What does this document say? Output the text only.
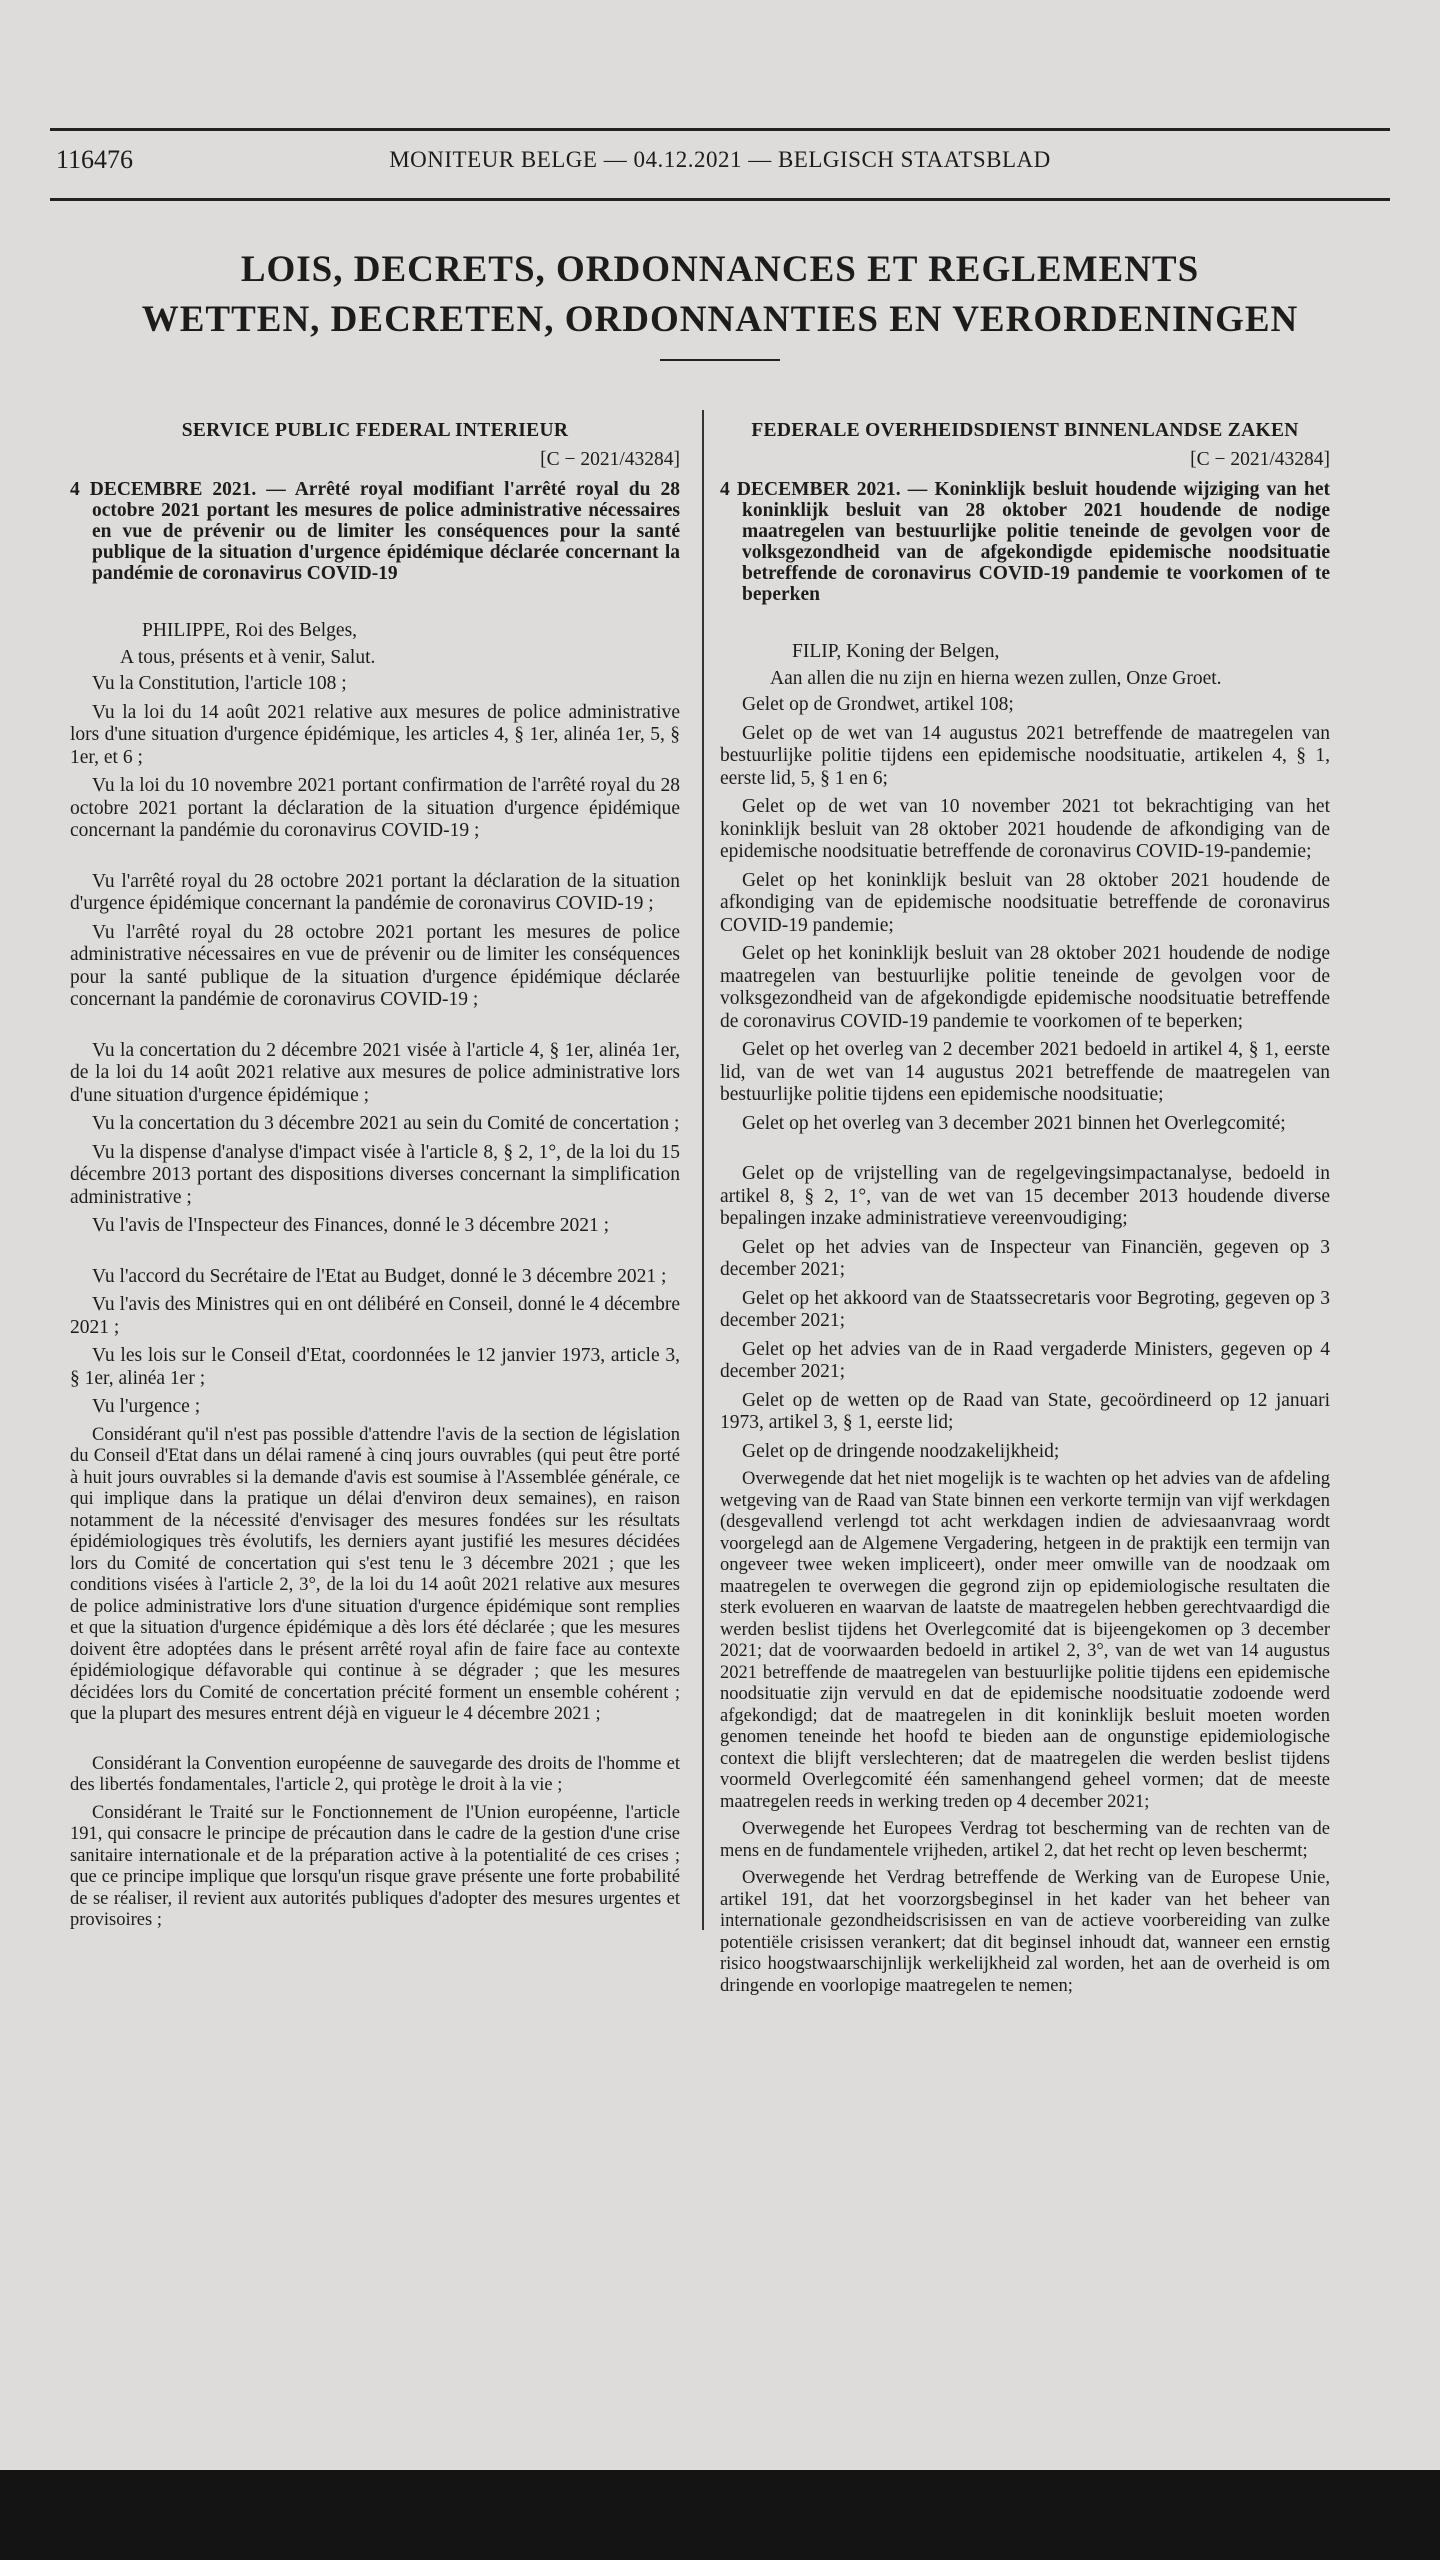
116476	MONITEUR BELGE — 04.12.2021 — BELGISCH STAATSBLAD
LOIS, DECRETS, ORDONNANCES ET REGLEMENTS
WETTEN, DECRETEN, ORDONNANTIES EN VERORDENINGEN
SERVICE PUBLIC FEDERAL INTERIEUR
[C − 2021/43284]
4 DECEMBRE 2021. — Arrêté royal modifiant l'arrêté royal du 28 octobre 2021 portant les mesures de police administrative nécessaires en vue de prévenir ou de limiter les conséquences pour la santé publique de la situation d'urgence épidémique déclarée concernant la pandémie de coronavirus COVID-19
PHILIPPE, Roi des Belges,
A tous, présents et à venir, Salut.
Vu la Constitution, l'article 108 ;
Vu la loi du 14 août 2021 relative aux mesures de police administrative lors d'une situation d'urgence épidémique, les articles 4, § 1er, alinéa 1er, 5, § 1er, et 6 ;
Vu la loi du 10 novembre 2021 portant confirmation de l'arrêté royal du 28 octobre 2021 portant la déclaration de la situation d'urgence épidémique concernant la pandémie du coronavirus COVID-19 ;
Vu l'arrêté royal du 28 octobre 2021 portant la déclaration de la situation d'urgence épidémique concernant la pandémie de coronavirus COVID-19 ;
Vu l'arrêté royal du 28 octobre 2021 portant les mesures de police administrative nécessaires en vue de prévenir ou de limiter les conséquences pour la santé publique de la situation d'urgence épidémique déclarée concernant la pandémie de coronavirus COVID-19 ;
Vu la concertation du 2 décembre 2021 visée à l'article 4, § 1er, alinéa 1er, de la loi du 14 août 2021 relative aux mesures de police administrative lors d'une situation d'urgence épidémique ;
Vu la concertation du 3 décembre 2021 au sein du Comité de concertation ;
Vu la dispense d'analyse d'impact visée à l'article 8, § 2, 1°, de la loi du 15 décembre 2013 portant des dispositions diverses concernant la simplification administrative ;
Vu l'avis de l'Inspecteur des Finances, donné le 3 décembre 2021 ;
Vu l'accord du Secrétaire de l'Etat au Budget, donné le 3 décembre 2021 ;
Vu l'avis des Ministres qui en ont délibéré en Conseil, donné le 4 décembre 2021 ;
Vu les lois sur le Conseil d'Etat, coordonnées le 12 janvier 1973, article 3, § 1er, alinéa 1er ;
Vu l'urgence ;
Considérant qu'il n'est pas possible d'attendre l'avis de la section de législation du Conseil d'Etat dans un délai ramené à cinq jours ouvrables (qui peut être porté à huit jours ouvrables si la demande d'avis est soumise à l'Assemblée générale, ce qui implique dans la pratique un délai d'environ deux semaines), en raison notamment de la nécessité d'envisager des mesures fondées sur les résultats épidémiologiques très évolutifs, les derniers ayant justifié les mesures décidées lors du Comité de concertation qui s'est tenu le 3 décembre 2021 ; que les conditions visées à l'article 2, 3°, de la loi du 14 août 2021 relative aux mesures de police administrative lors d'une situation d'urgence épidémique sont remplies et que la situation d'urgence épidémique a dès lors été déclarée ; que les mesures doivent être adoptées dans le présent arrêté royal afin de faire face au contexte épidémiologique défavorable qui continue à se dégrader ; que les mesures décidées lors du Comité de concertation précité forment un ensemble cohérent ; que la plupart des mesures entrent déjà en vigueur le 4 décembre 2021 ;
Considérant la Convention européenne de sauvegarde des droits de l'homme et des libertés fondamentales, l'article 2, qui protège le droit à la vie ;
Considérant le Traité sur le Fonctionnement de l'Union européenne, l'article 191, qui consacre le principe de précaution dans le cadre de la gestion d'une crise sanitaire internationale et de la préparation active à la potentialité de ces crises ; que ce principe implique que lorsqu'un risque grave présente une forte probabilité de se réaliser, il revient aux autorités publiques d'adopter des mesures urgentes et provisoires ;
FEDERALE OVERHEIDSDIENST BINNENLANDSE ZAKEN
[C − 2021/43284]
4 DECEMBER 2021. — Koninklijk besluit houdende wijziging van het koninklijk besluit van 28 oktober 2021 houdende de nodige maatregelen van bestuurlijke politie teneinde de gevolgen voor de volksgezondheid van de afgekondigde epidemische noodsituatie betreffende de coronavirus COVID-19 pandemie te voorkomen of te beperken
FILIP, Koning der Belgen,
Aan allen die nu zijn en hierna wezen zullen, Onze Groet.
Gelet op de Grondwet, artikel 108;
Gelet op de wet van 14 augustus 2021 betreffende de maatregelen van bestuurlijke politie tijdens een epidemische noodsituatie, artikelen 4, § 1, eerste lid, 5, § 1 en 6;
Gelet op de wet van 10 november 2021 tot bekrachtiging van het koninklijk besluit van 28 oktober 2021 houdende de afkondiging van de epidemische noodsituatie betreffende de coronavirus COVID-19-pandemie;
Gelet op het koninklijk besluit van 28 oktober 2021 houdende de afkondiging van de epidemische noodsituatie betreffende de coronavirus COVID-19 pandemie;
Gelet op het koninklijk besluit van 28 oktober 2021 houdende de nodige maatregelen van bestuurlijke politie teneinde de gevolgen voor de volksgezondheid van de afgekondigde epidemische noodsituatie betreffende de coronavirus COVID-19 pandemie te voorkomen of te beperken;
Gelet op het overleg van 2 december 2021 bedoeld in artikel 4, § 1, eerste lid, van de wet van 14 augustus 2021 betreffende de maatregelen van bestuurlijke politie tijdens een epidemische noodsituatie;
Gelet op het overleg van 3 december 2021 binnen het Overlegcomité;
Gelet op de vrijstelling van de regelgevingsimpactanalyse, bedoeld in artikel 8, § 2, 1°, van de wet van 15 december 2013 houdende diverse bepalingen inzake administratieve vereenvoudiging;
Gelet op het advies van de Inspecteur van Financiën, gegeven op 3 december 2021;
Gelet op het akkoord van de Staatssecretaris voor Begroting, gegeven op 3 december 2021;
Gelet op het advies van de in Raad vergaderde Ministers, gegeven op 4 december 2021;
Gelet op de wetten op de Raad van State, gecoördineerd op 12 januari 1973, artikel 3, § 1, eerste lid;
Gelet op de dringende noodzakelijkheid;
Overwegende dat het niet mogelijk is te wachten op het advies van de afdeling wetgeving van de Raad van State binnen een verkorte termijn van vijf werkdagen (desgevallend verlengd tot acht werkdagen indien de adviesaanvraag wordt voorgelegd aan de Algemene Vergadering, hetgeen in de praktijk een termijn van ongeveer twee weken impliceert), onder meer omwille van de noodzaak om maatregelen te overwegen die gegrond zijn op epidemiologische resultaten die sterk evolueren en waarvan de laatste de maatregelen hebben gerechtvaardigd die werden beslist tijdens het Overlegcomité dat is bijeengekomen op 3 december 2021; dat de voorwaarden bedoeld in artikel 2, 3°, van de wet van 14 augustus 2021 betreffende de maatregelen van bestuurlijke politie tijdens een epidemische noodsituatie zijn vervuld en dat de epidemische noodsituatie zodoende werd afgekondigd; dat de maatregelen in dit koninklijk besluit moeten worden genomen teneinde het hoofd te bieden aan de ongunstige epidemiologische context die blijft verslechteren; dat de maatregelen die werden beslist tijdens voormeld Overlegcomité één samenhangend geheel vormen; dat de meeste maatregelen reeds in werking treden op 4 december 2021;
Overwegende het Europees Verdrag tot bescherming van de rechten van de mens en de fundamentele vrijheden, artikel 2, dat het recht op leven beschermt;
Overwegende het Verdrag betreffende de Werking van de Europese Unie, artikel 191, dat het voorzorgsbeginsel in het kader van het beheer van internationale gezondheidscrisissen en van de actieve voorbereiding van zulke potentiële crisissen verankert; dat dit beginsel inhoudt dat, wanneer een ernstig risico hoogstwaarschijnlijk werkelijkheid zal worden, het aan de overheid is om dringende en voorlopige maatregelen te nemen;
